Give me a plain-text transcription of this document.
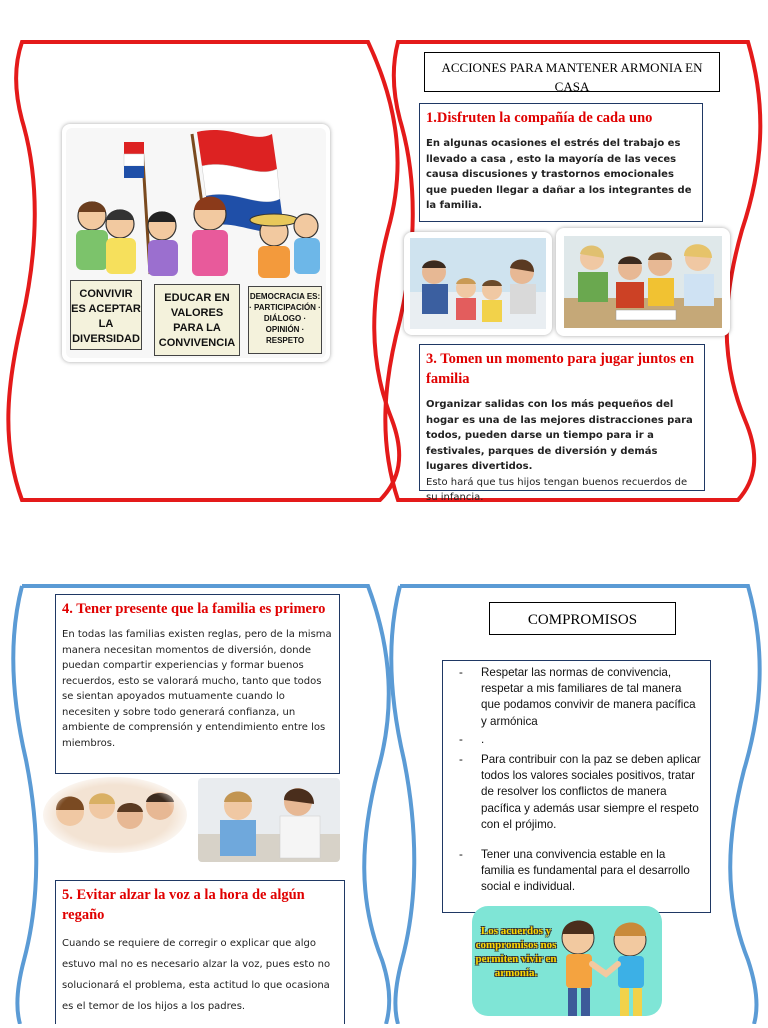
CONVIVIR ES ACEPTAR LA DIVERSIDAD
EDUCAR EN VALORES PARA LA CONVIVENCIA
DEMOCRACIA ES: · PARTICIPACIÓN · DIÁLOGO · OPINIÓN · RESPETO
ACCIONES PARA MANTENER ARMONIA EN CASA
1.Disfruten la compañía de cada uno
En algunas ocasiones el estrés del trabajo es llevado a casa , esto la mayoría de las veces causa discusiones y trastornos emocionales que pueden llegar a dañar a los integrantes de la familia.
3. Tomen un momento para jugar juntos en familia
Organizar salidas con los más pequeños del hogar es una de las mejores distracciones para todos, pueden darse un tiempo para ir a festivales, parques de diversión y demás lugares divertidos.
Esto hará que tus hijos tengan buenos recuerdos de su infancia.
4. Tener presente que la familia es primero
En todas las familias existen reglas, pero de la misma manera necesitan momentos de diversión, donde puedan compartir experiencias y formar buenos recuerdos, esto se valorará mucho, tanto que todos se sientan apoyados mutuamente cuando lo necesiten y sobre todo generará confianza, un ambiente de comprensión y entendimiento entre los miembros.
5. Evitar alzar la voz a la hora de algún regaño
Cuando se requiere de corregir o explicar que algo estuvo mal no es necesario alzar la voz, pues esto no solucionará el problema, esta actitud lo que ocasiona es el temor de los hijos a los padres.
COMPROMISOS
- Respetar las normas de convivencia, respetar a mis familiares de tal manera que podamos convivir de manera pacífica y armónica
- .
- Para contribuir con la paz se deben aplicar todos los valores sociales positivos, tratar de resolver los conflictos de manera pacífica y además usar siempre el respeto con el prójimo.
- Tener una convivencia estable en la familia es fundamental para el desarrollo social e individual.
Los acuerdos y compromisos nos permiten vivir en armonía.
